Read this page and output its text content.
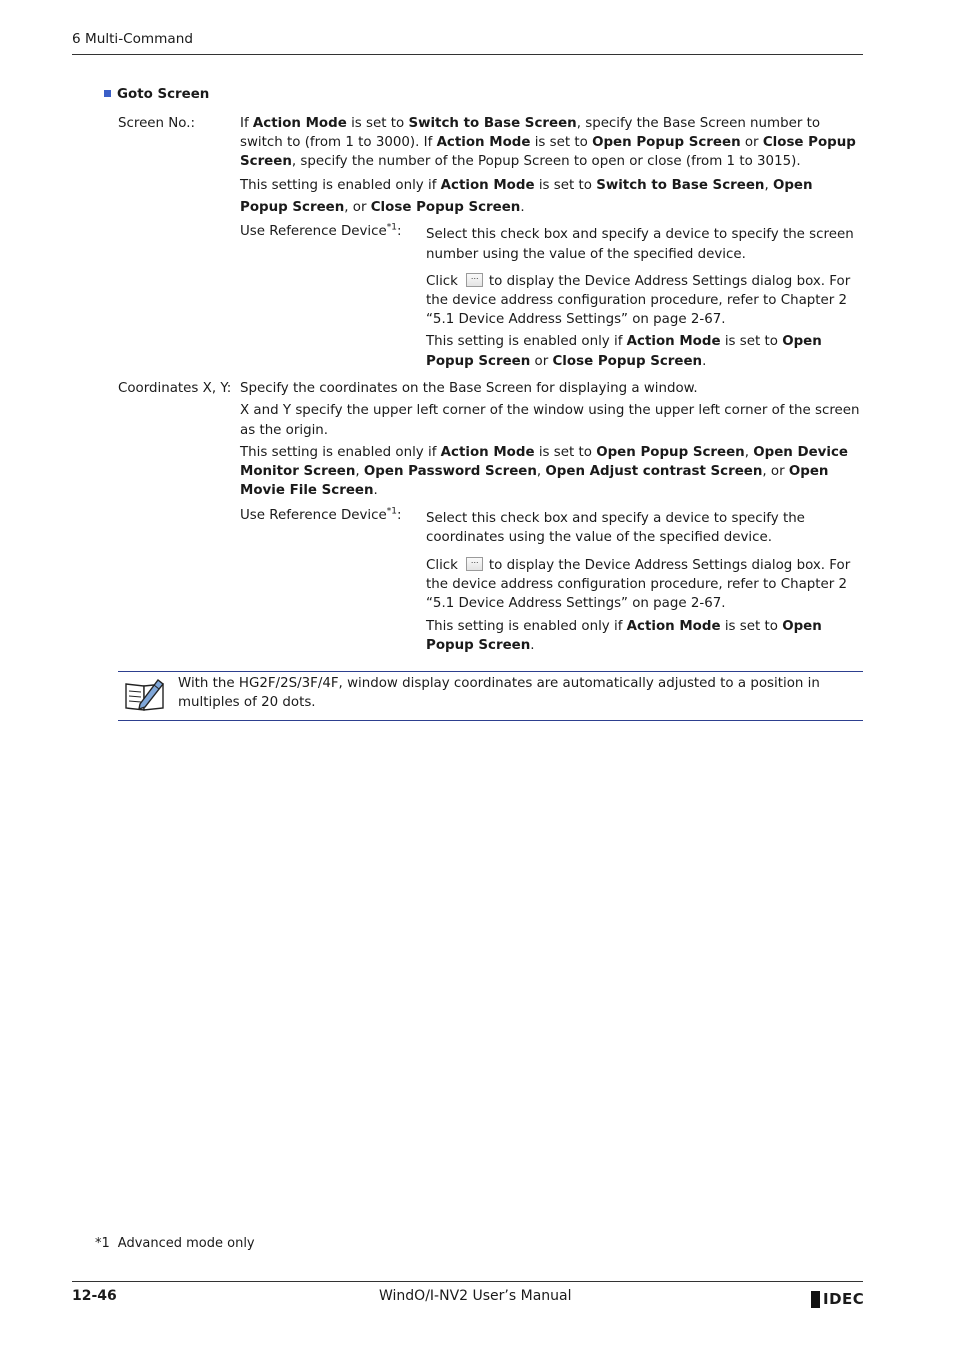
6 Multi-Command
Goto Screen
Screen No.:	If Action Mode is set to Switch to Base Screen, specify the Base Screen number to switch to (from 1 to 3000). If Action Mode is set to Open Popup Screen or Close Popup Screen, specify the number of the Popup Screen to open or close (from 1 to 3015).
This setting is enabled only if Action Mode is set to Switch to Base Screen, Open Popup Screen, or Close Popup Screen.
Use Reference Device$^{*1}$: Select this check box and specify a device to specify the screen number using the value of the specified device.
Click ... to display the Device Address Settings dialog box. For the device address configuration procedure, refer to Chapter 2 “5.1 Device Address Settings” on page 2-67.
This setting is enabled only if Action Mode is set to Open Popup Screen or Close Popup Screen.
Coordinates X, Y: Specify the coordinates on the Base Screen for displaying a window.
X and Y specify the upper left corner of the window using the upper left corner of the screen as the origin.
This setting is enabled only if Action Mode is set to Open Popup Screen, Open Device Monitor Screen, Open Password Screen, Open Adjust contrast Screen, or Open Movie File Screen.
Use Reference Device$^{*1}$: Select this check box and specify a device to specify the coordinates using the value of the specified device.
Click ... to display the Device Address Settings dialog box. For the device address configuration procedure, refer to Chapter 2 “5.1 Device Address Settings” on page 2-67.
This setting is enabled only if Action Mode is set to Open Popup Screen.
With the HG2F/2S/3F/4F, window display coordinates are automatically adjusted to a position in multiples of 20 dots.
*1 Advanced mode only
12-46	WindO/I-NV2 User’s Manual	IDEC
